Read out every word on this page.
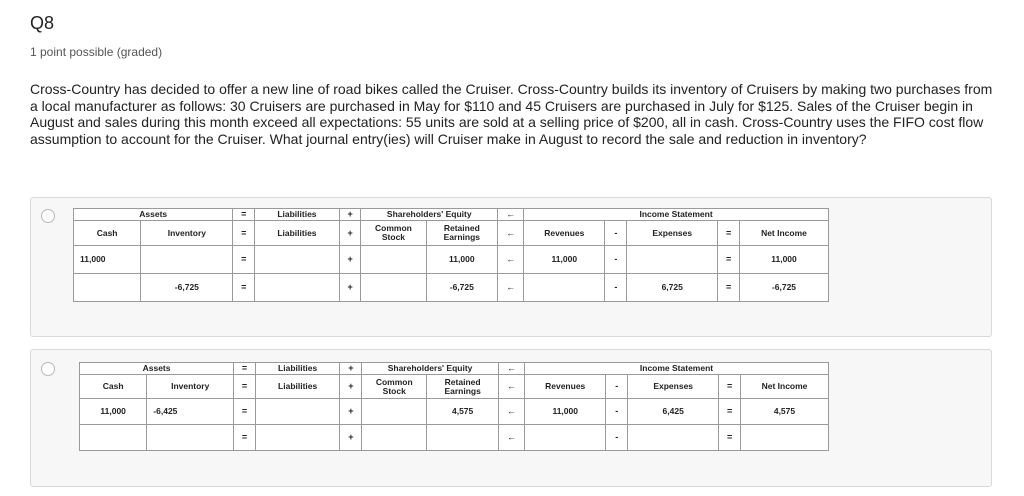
Q8
1 point possible (graded)
Cross-Country has decided to offer a new line of road bikes called the Cruiser. Cross-Country builds its inventory of Cruisers by making two purchases from a local manufacturer as follows: 30 Cruisers are purchased in May for $110 and 45 Cruisers are purchased in July for $125. Sales of the Cruiser begin in August and sales during this month exceed all expectations: 55 units are sold at a selling price of $200, all in cash. Cross-Country uses the FIFO cost flow assumption to account for the Cruiser. What journal entry(ies) will Cruiser make in August to record the sale and reduction in inventory?
Assets		=	Liabilities	+	Shareholders' Equity		←	Income Statement				
Cash	Inventory	=	Liabilities	+	Common Stock	Retained Earnings	←	Revenues	-	Expenses	=	Net Income
11,000		=		+		11,000	←	11,000	-		=	11,000
	-6,725	=		+		-6,725	←		-	6,725	=	-6,725
Assets		=	Liabilities	+	Shareholders' Equity		←	Income Statement				
Cash	Inventory	=	Liabilities	+	Common Stock	Retained Earnings	←	Revenues	-	Expenses	=	Net Income
11,000	-6,425	=		+		4,575	←	11,000	-	6,425	=	4,575
		=		+			←		-		=	
